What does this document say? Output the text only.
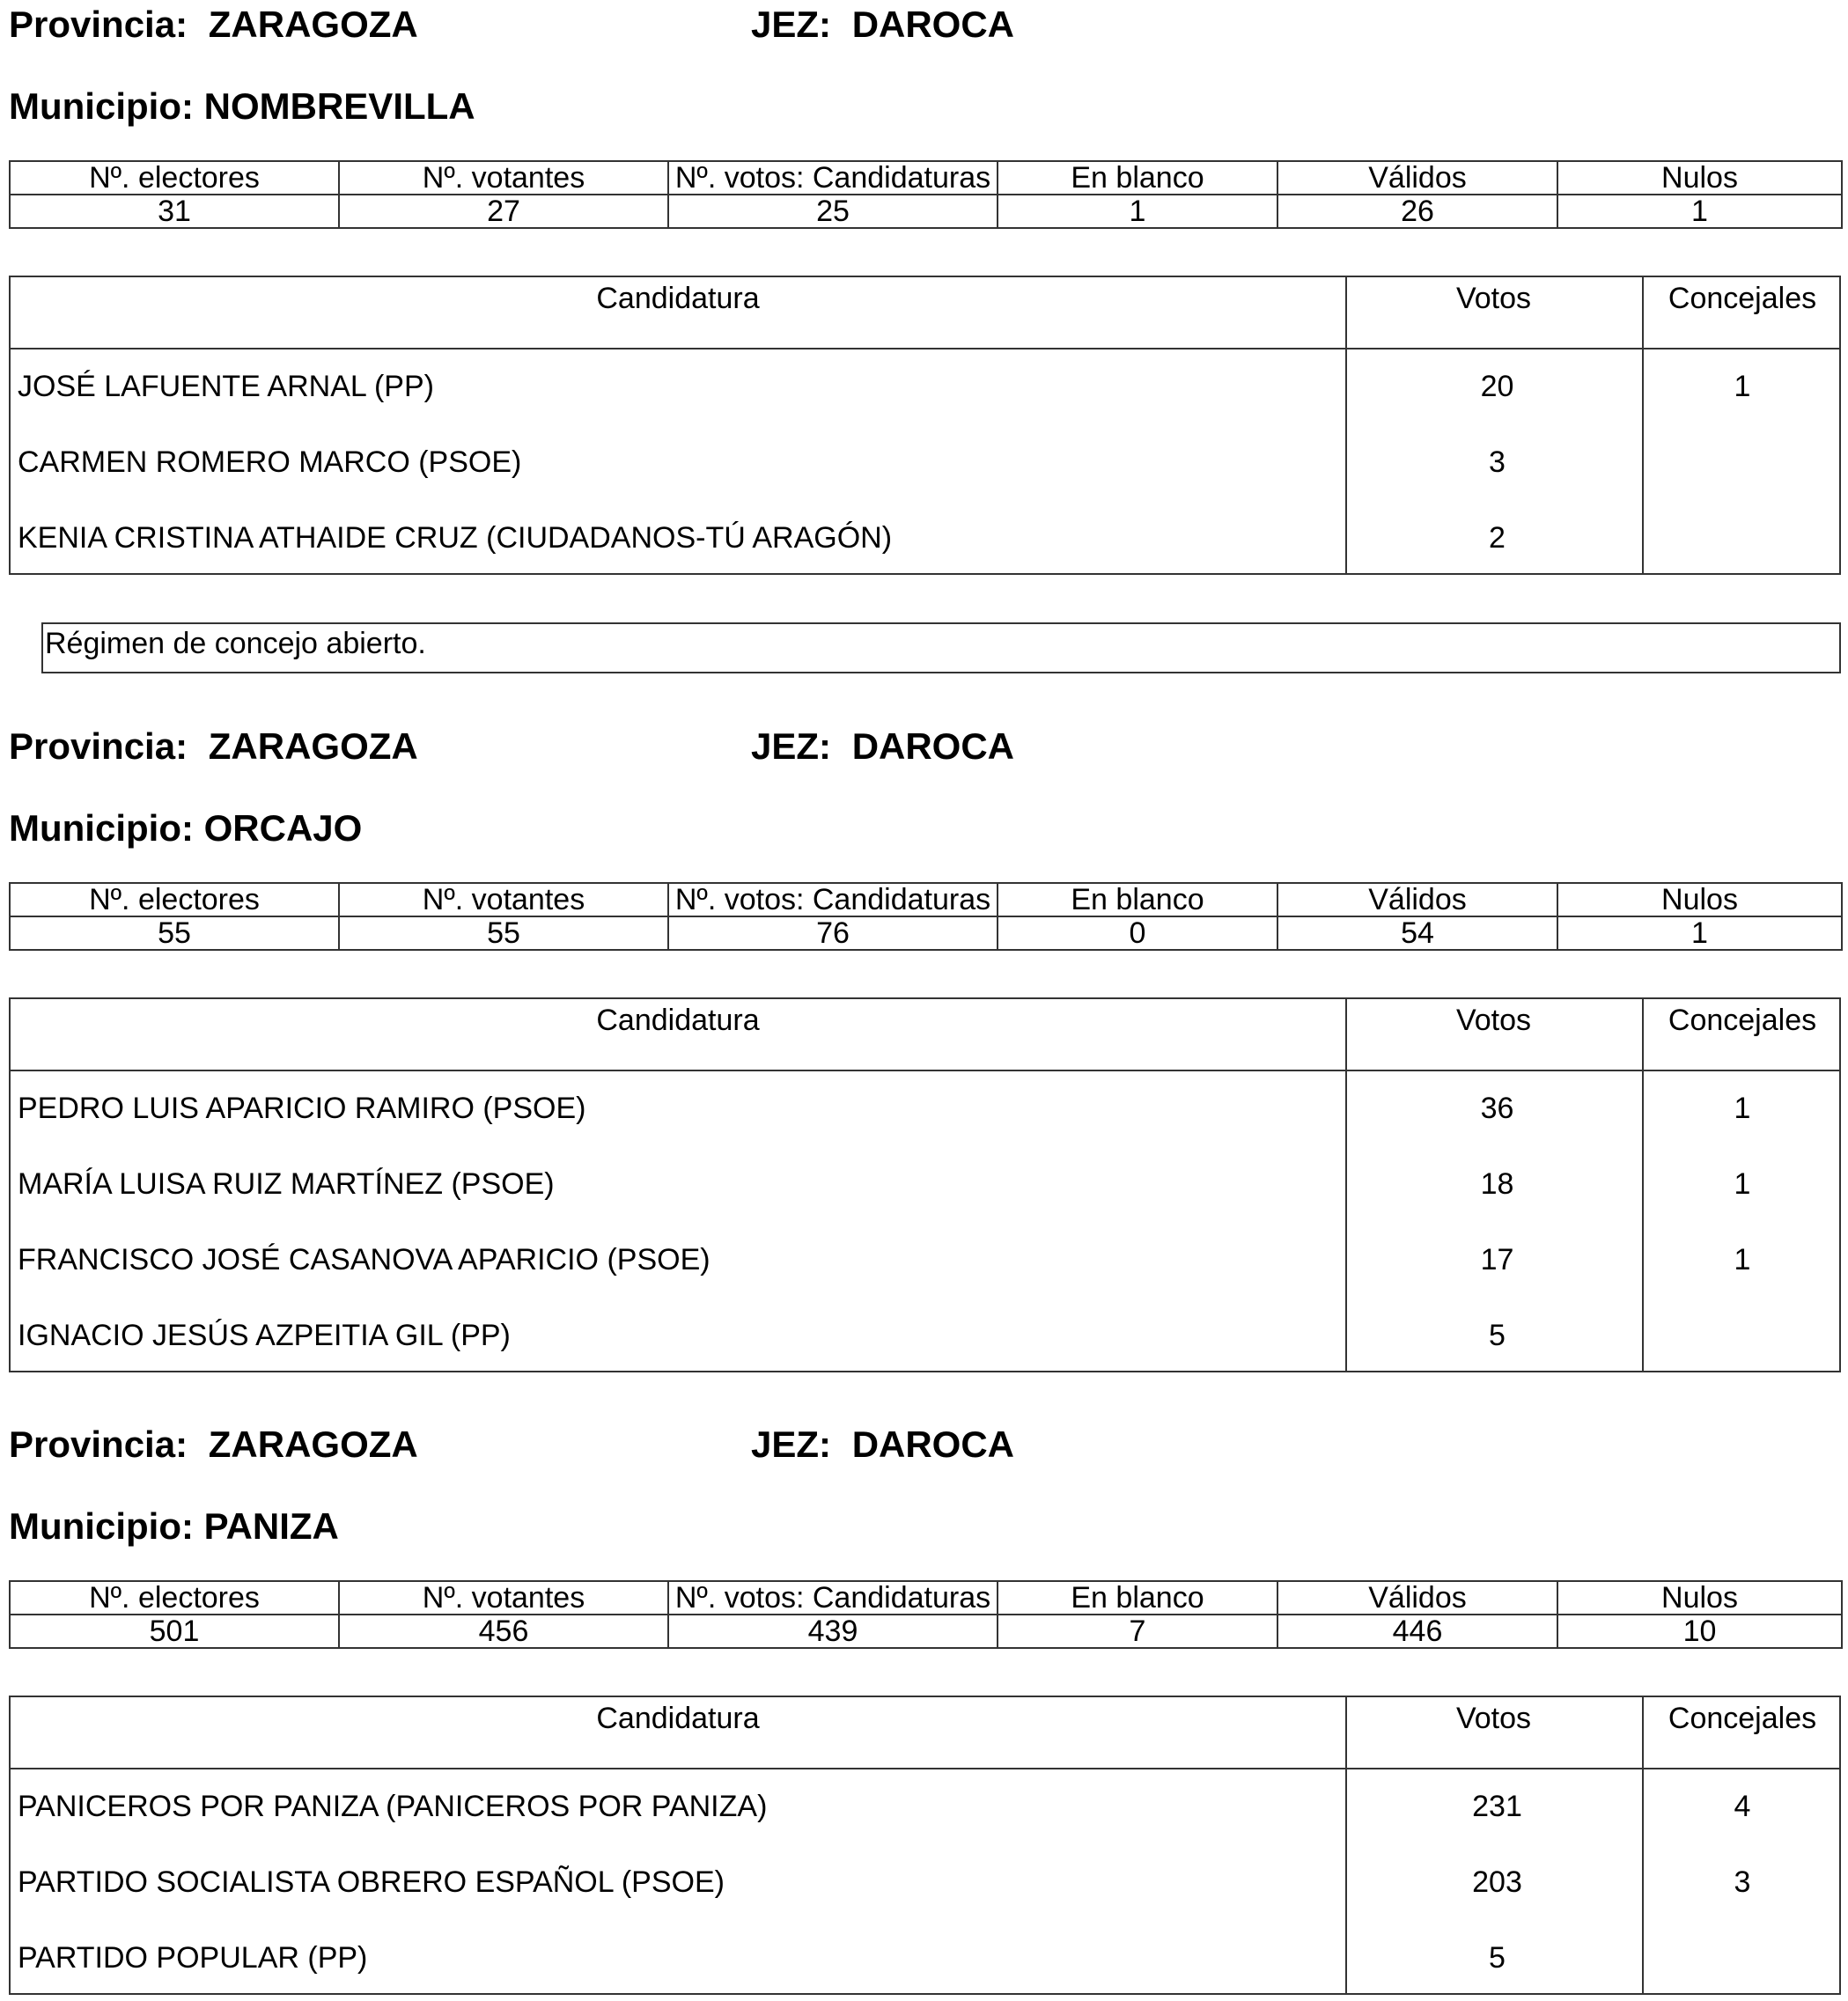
Provincia: ZARAGOZA	JEZ: DAROCA
Municipio: NOMBREVILLA
Nº. electores	Nº. votantes	Nº. votos: Candidaturas	En blanco	Válidos	Nulos
31	27	25	1	26	1
Candidatura	Votos	Concejales
JOSÉ LAFUENTE ARNAL (PP)	20	1
CARMEN ROMERO MARCO (PSOE)	3
KENIA CRISTINA ATHAIDE CRUZ (CIUDADANOS-TÚ ARAGÓN)	2
Régimen de concejo abierto.
Provincia: ZARAGOZA	JEZ: DAROCA
Municipio: ORCAJO
Nº. electores	Nº. votantes	Nº. votos: Candidaturas	En blanco	Válidos	Nulos
55	55	76	0	54	1
Candidatura	Votos	Concejales
PEDRO LUIS APARICIO RAMIRO (PSOE)	36	1
MARÍA LUISA RUIZ MARTÍNEZ (PSOE)	18	1
FRANCISCO JOSÉ CASANOVA APARICIO (PSOE)	17	1
IGNACIO JESÚS AZPEITIA GIL (PP)	5
Provincia: ZARAGOZA	JEZ: DAROCA
Municipio: PANIZA
Nº. electores	Nº. votantes	Nº. votos: Candidaturas	En blanco	Válidos	Nulos
501	456	439	7	446	10
Candidatura	Votos	Concejales
PANICEROS POR PANIZA (PANICEROS POR PANIZA)	231	4
PARTIDO SOCIALISTA OBRERO ESPAÑOL (PSOE)	203	3
PARTIDO POPULAR (PP)	5
